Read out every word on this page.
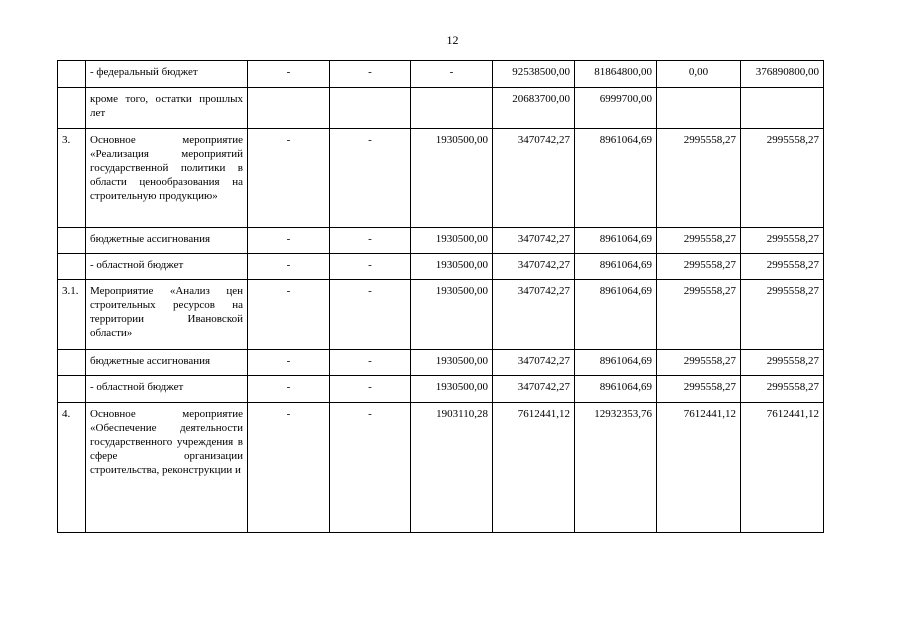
12
	- федеральный бюджет	-	-	-	92538500,00	81864800,00	0,00	376890800,00
	кроме того, остатки прошлых лет				20683700,00	6999700,00		
3.	Основное мероприятие «Реализация мероприятий государственной политики в области ценообразования на строительную продукцию»	-	-	1930500,00	3470742,27	8961064,69	2995558,27	2995558,27
	бюджетные ассигнования	-	-	1930500,00	3470742,27	8961064,69	2995558,27	2995558,27
	- областной бюджет	-	-	1930500,00	3470742,27	8961064,69	2995558,27	2995558,27
3.1.	Мероприятие «Анализ цен строительных ресурсов на территории Ивановской области»	-	-	1930500,00	3470742,27	8961064,69	2995558,27	2995558,27
	бюджетные ассигнования	-	-	1930500,00	3470742,27	8961064,69	2995558,27	2995558,27
	- областной бюджет	-	-	1930500,00	3470742,27	8961064,69	2995558,27	2995558,27
4.	Основное мероприятие «Обеспечение деятельности государственного учреждения в сфере организации строительства, реконструкции и	-	-	1903110,28	7612441,12	12932353,76	7612441,12	7612441,12
